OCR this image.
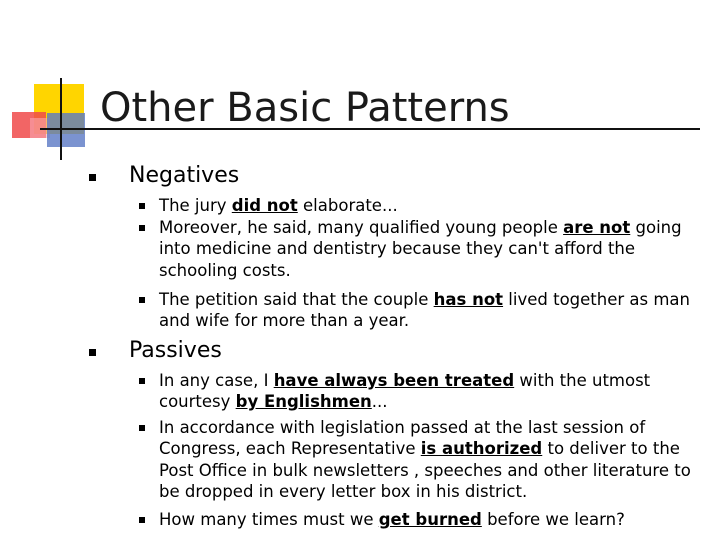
Other Basic Patterns
Negatives
The jury did not elaborate...
Moreover, he said, many qualified young people are not going into medicine and dentistry because they can't afford the schooling costs.
The petition said that the couple has not lived together as man and wife for more than a year.
Passives
In any case, I have always been treated with the utmost courtesy by Englishmen...
In accordance with legislation passed at the last session of Congress, each Representative is authorized to deliver to the Post Office in bulk newsletters , speeches and other literature to be dropped in every letter box in his district.
How many times must we get burned before we learn?
